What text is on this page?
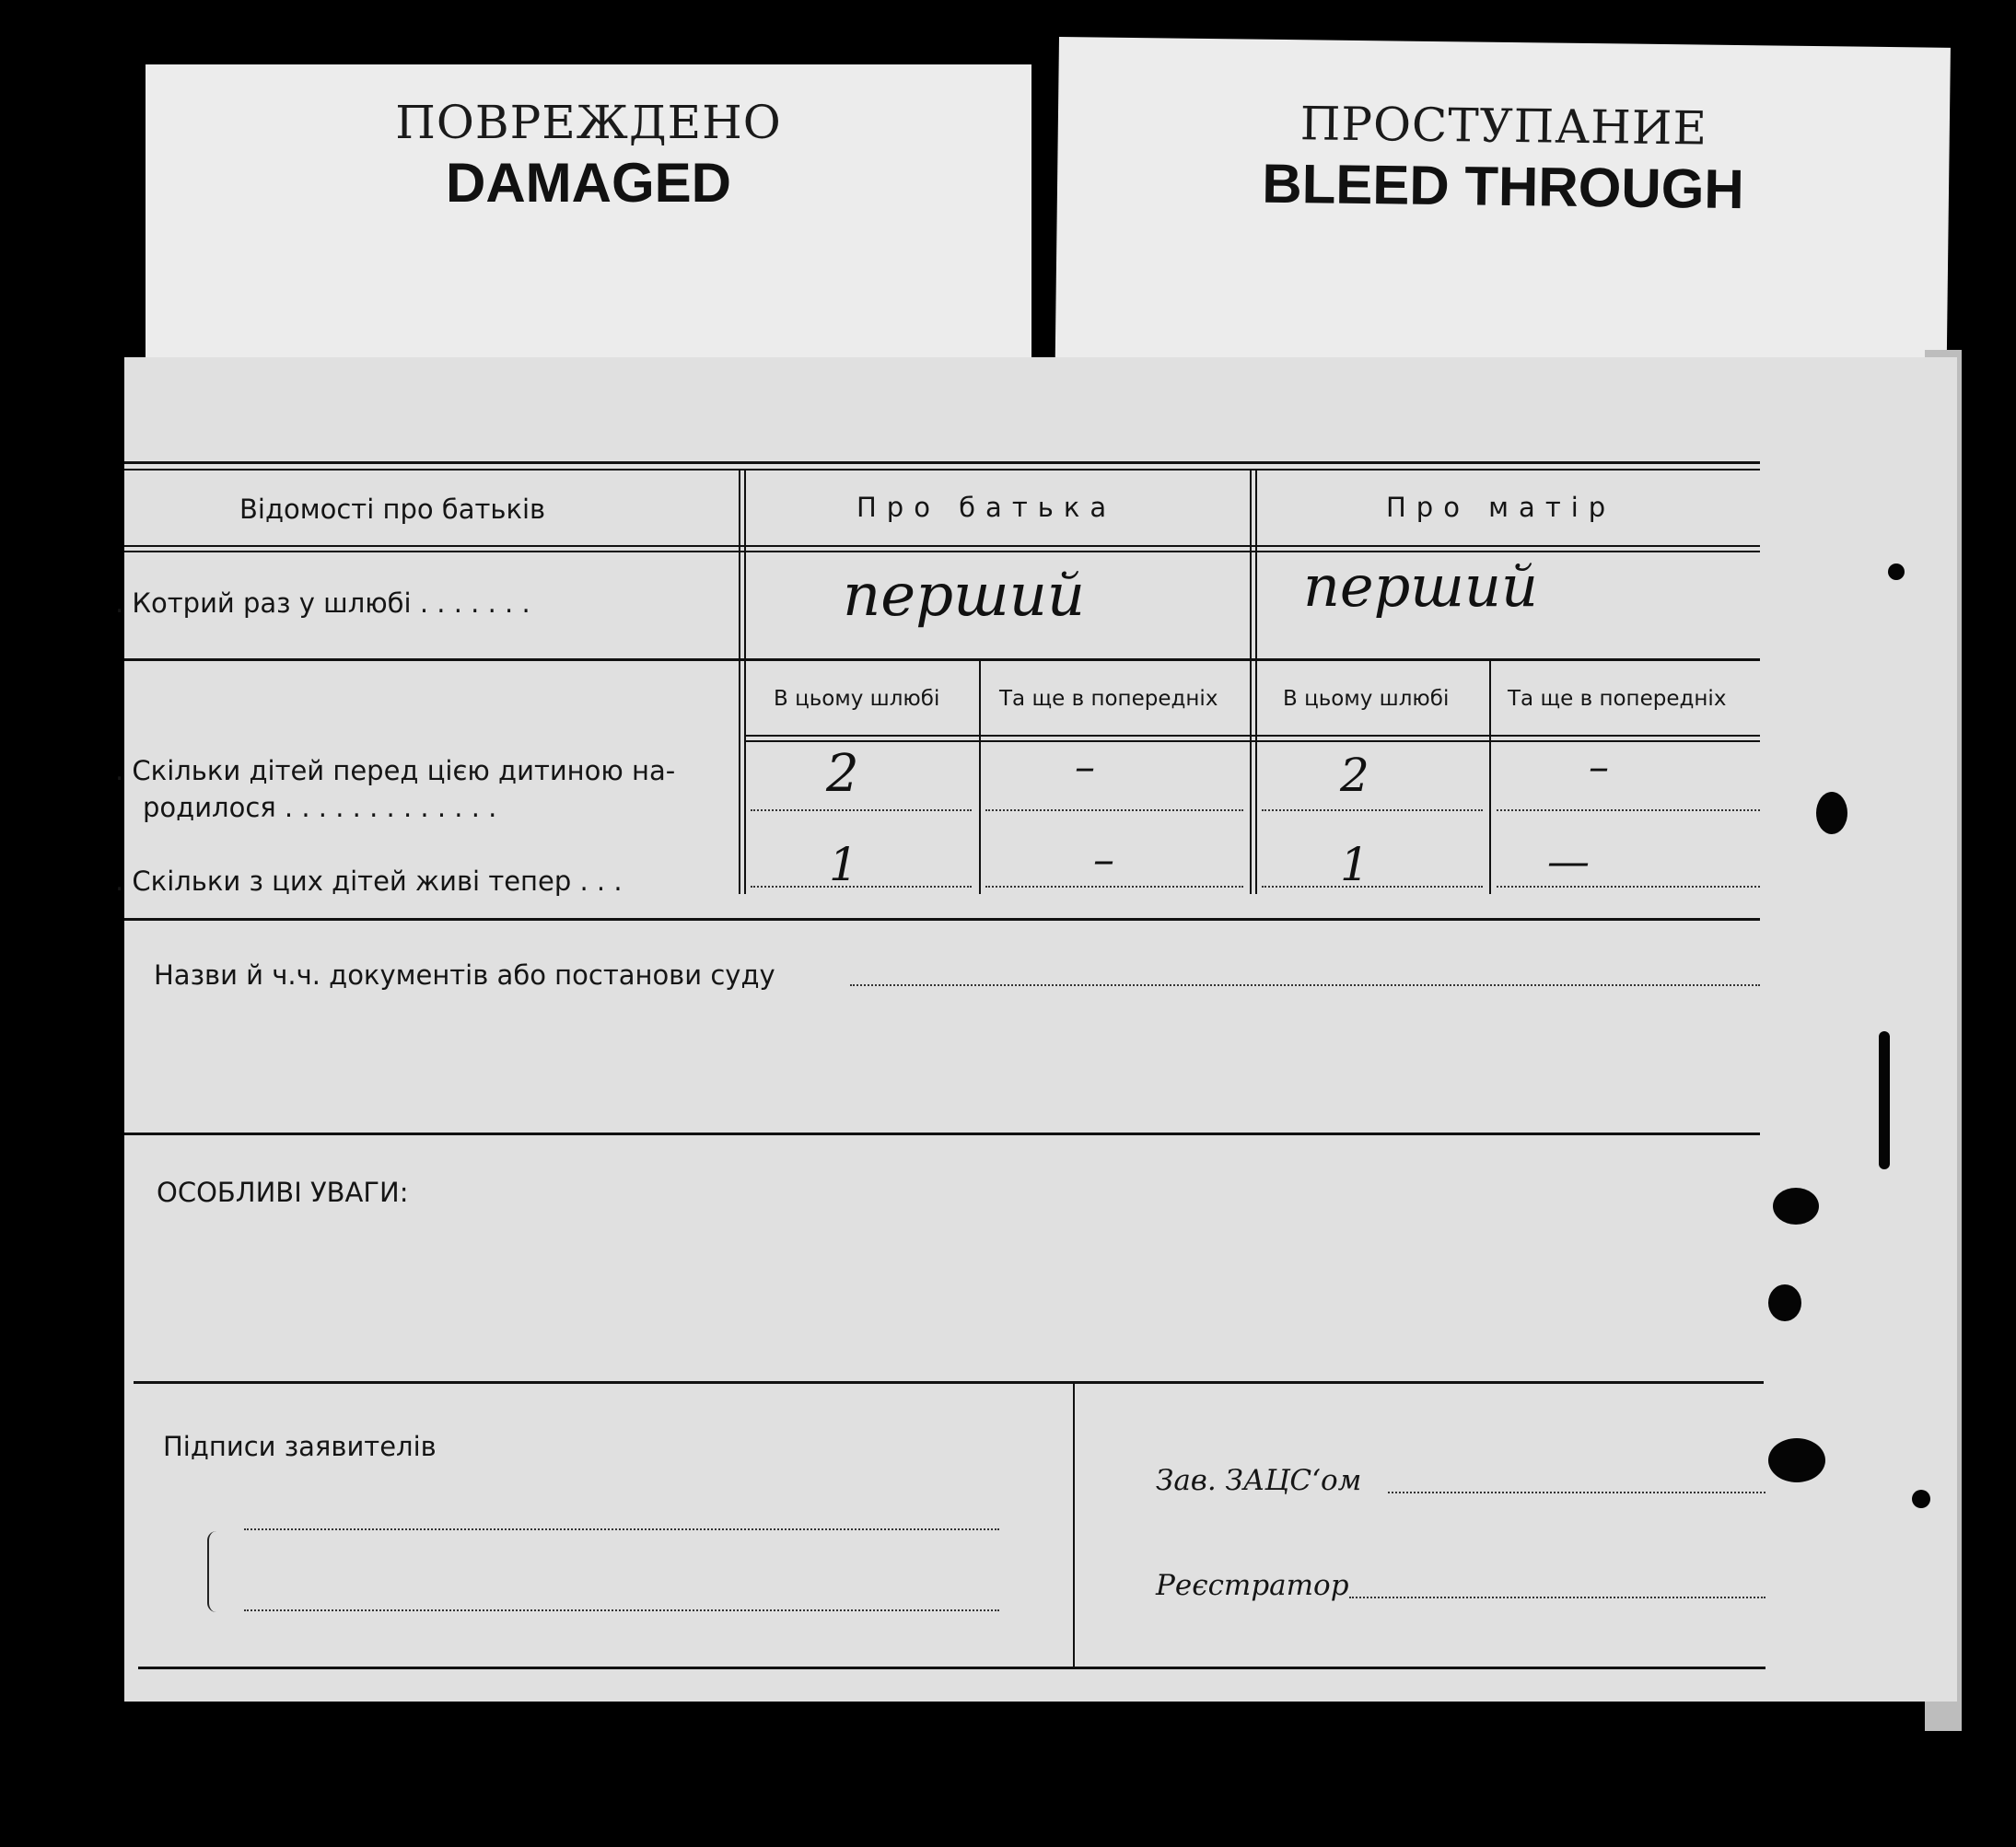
ПОВРЕЖДЕНО
DAMAGED
ПРОСТУПАНИЕ
BLEED THROUGH
Відомості про батьків	Про батька	Про матір
. Котрий раз у шлюбі . . . . . . .	перший	перший
В цьому шлюбі	Та ще в попередніх	В цьому шлюбі	Та ще в попередніх
. Скільки дітей перед цією дитиною на-
родилося . . . . . . . . . . . . .
2	–	2	–
. Скільки з цих дітей живі тепер . . .	1	–	1	—
Назви й ч.ч. документів або постанови суду
ОСОБЛИВІ УВАГИ:
Підписи заявителів
Зав. ЗАЦС‘ом
Реєстратор
